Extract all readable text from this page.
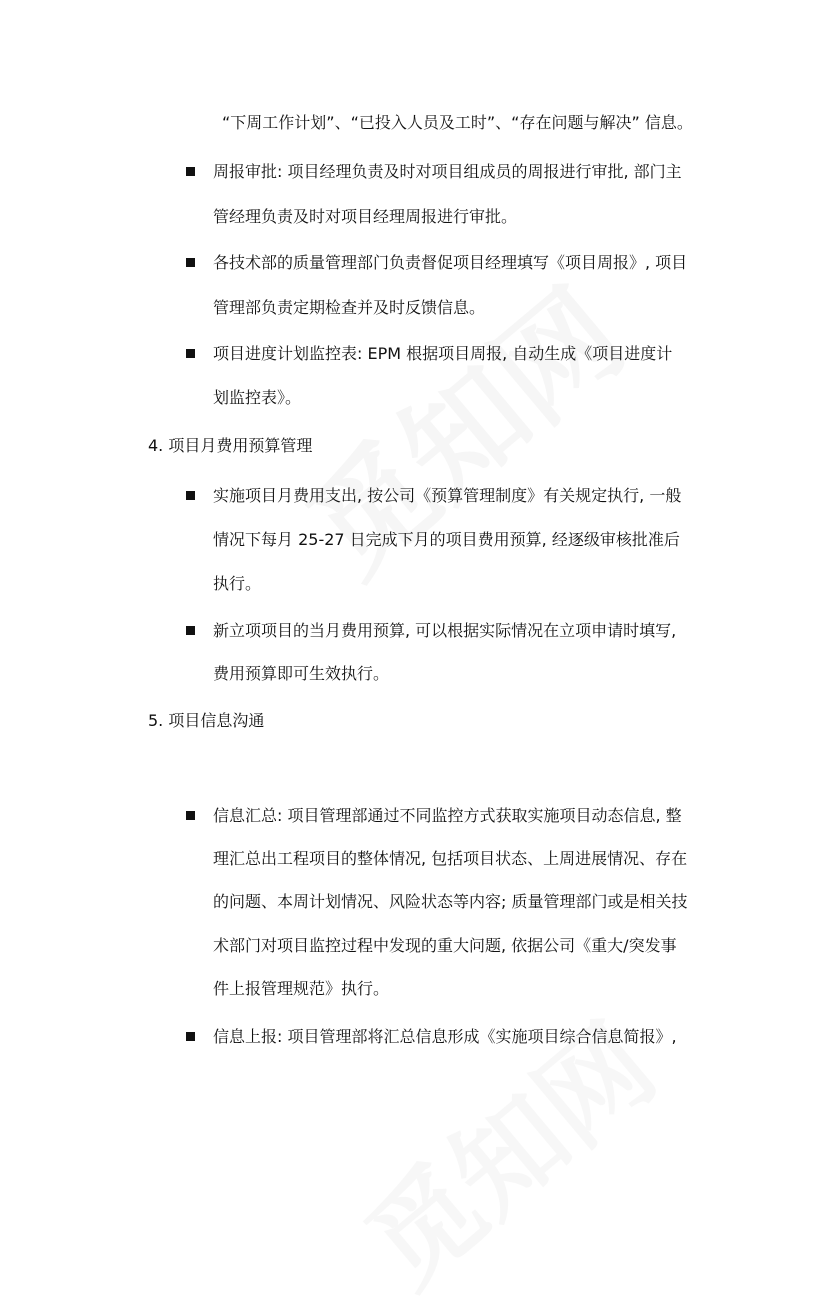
“下周工作计划”、“已投入人员及工时”、“存在问题与解决” 信息。
周报审批: 项目经理负责及时对项目组成员的周报进行审批, 部门主
管经理负责及时对项目经理周报进行审批。
各技术部的质量管理部门负责督促项目经理填写《项目周报》, 项目
管理部负责定期检查并及时反馈信息。
项目进度计划监控表: EPM 根据项目周报, 自动生成《项目进度计
划监控表》。
4. 项目月费用预算管理
实施项目月费用支出, 按公司《预算管理制度》有关规定执行, 一般
情况下每月 25-27 日完成下月的项目费用预算, 经逐级审核批准后
执行。
新立项项目的当月费用预算, 可以根据实际情况在立项申请时填写,
费用预算即可生效执行。
5. 项目信息沟通
信息汇总: 项目管理部通过不同监控方式获取实施项目动态信息, 整
理汇总出工程项目的整体情况, 包括项目状态、上周进展情况、存在
的问题、本周计划情况、风险状态等内容; 质量管理部门或是相关技
术部门对项目监控过程中发现的重大问题, 依据公司《重大/突发事
件上报管理规范》执行。
信息上报: 项目管理部将汇总信息形成《实施项目综合信息简报》,
